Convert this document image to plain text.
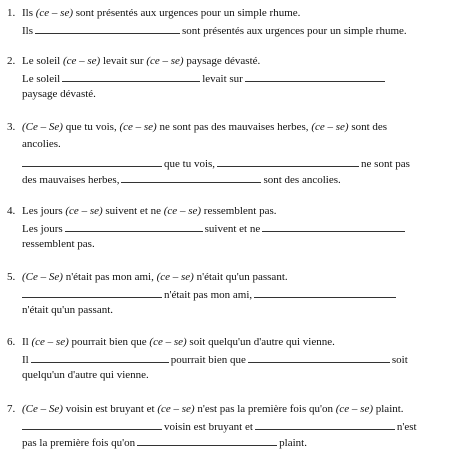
1. Ils (ce – se) sont présentés aux urgences pour un simple rhume.
Ils	sont présentés aux urgences pour un simple rhume.
2. Le soleil (ce – se) levait sur (ce – se) paysage dévasté.
Le soleil	levait sur
paysage dévasté.
3. (Ce – Se) que tu vois, (ce – se) ne sont pas des mauvaises herbes, (ce – se) sont des
ancolies.
que tu vois,	ne sont pas
des mauvaises herbes,	sont des ancolies.
4. Les jours (ce – se) suivent et ne (ce – se) ressemblent pas.
Les jours	suivent et ne
ressemblent pas.
5. (Ce – Se) n'était pas mon ami, (ce – se) n'était qu'un passant.
n'était pas mon ami,
n'était qu'un passant.
6. Il (ce – se) pourrait bien que (ce – se) soit quelqu'un d'autre qui vienne.
Il	pourrait bien que	soit
quelqu'un d'autre qui vienne.
7. (Ce – Se) voisin est bruyant et (ce – se) n'est pas la première fois qu'on (ce – se) plaint.
voisin est bruyant et	n'est
pas la première fois qu'on	plaint.
